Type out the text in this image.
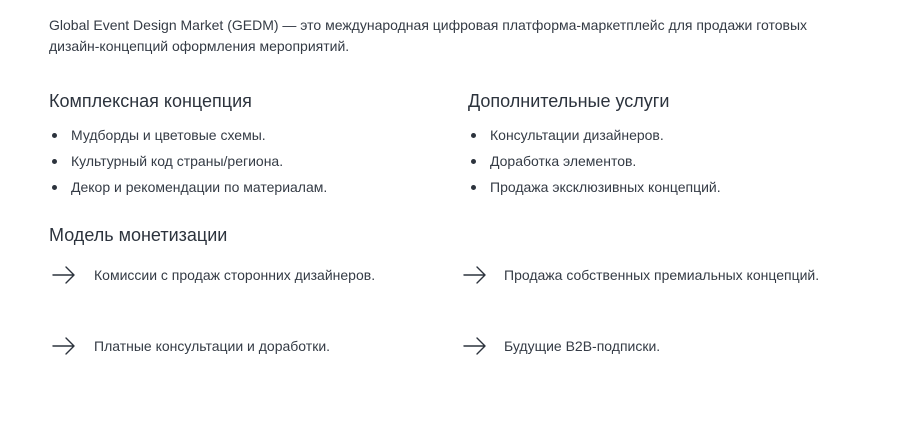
Global Event Design Market (GEDM) — это международная цифровая платформа-маркетплейс для продажи готовых дизайн-концепций оформления мероприятий.

Комплексная концепция
Мудборды и цветовые схемы.
Культурный код страны/региона.
Декор и рекомендации по материалам.
Дополнительные услуги
Консультации дизайнеров.
Доработка элементов.
Продажа эксклюзивных концепций.
Модель монетизации
Комиссии с продаж сторонних дизайнеров.	Продажа собственных премиальных концепций.
Платные консультации и доработки.	Будущие B2B-подписки.
